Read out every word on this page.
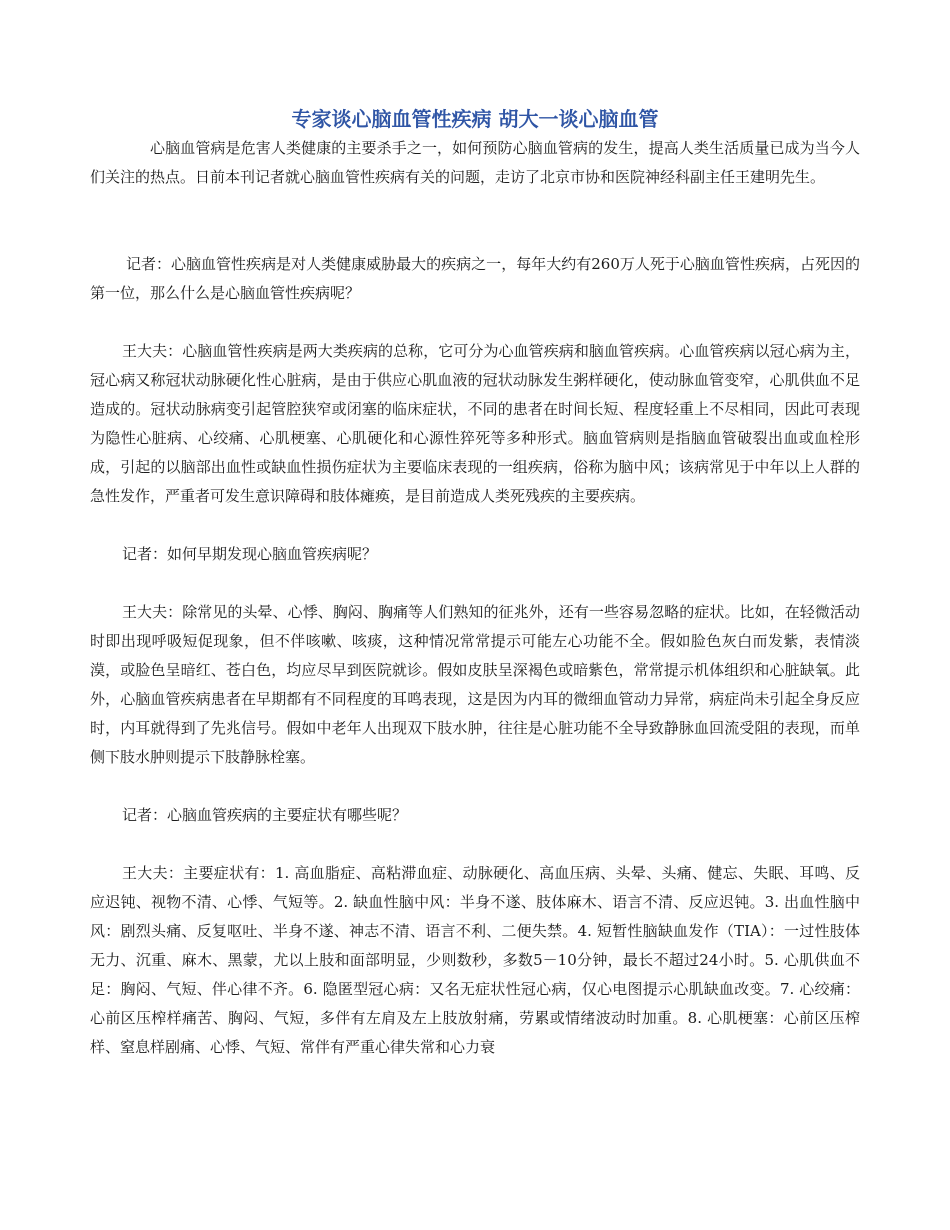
专家谈心脑血管性疾病 胡大一谈心脑血管

心脑血管病是危害人类健康的主要杀手之一，如何预防心脑血管病的发生，提高人类生活质量已成为当今人们关注的热点。日前本刊记者就心脑血管性疾病有关的问题，走访了北京市协和医院神经科副主任王建明先生。

记者：心脑血管性疾病是对人类健康威胁最大的疾病之一，每年大约有260万人死于心脑血管性疾病，占死因的第一位，那么什么是心脑血管性疾病呢？

王大夫：心脑血管性疾病是两大类疾病的总称，它可分为心血管疾病和脑血管疾病。心血管疾病以冠心病为主，冠心病又称冠状动脉硬化性心脏病，是由于供应心肌血液的冠状动脉发生粥样硬化，使动脉血管变窄，心肌供血不足造成的。冠状动脉病变引起管腔狭窄或闭塞的临床症状，不同的患者在时间长短、程度轻重上不尽相同，因此可表现为隐性心脏病、心绞痛、心肌梗塞、心肌硬化和心源性猝死等多种形式。脑血管病则是指脑血管破裂出血或血栓形成，引起的以脑部出血性或缺血性损伤症状为主要临床表现的一组疾病，俗称为脑中风；该病常见于中年以上人群的急性发作，严重者可发生意识障碍和肢体瘫痪，是目前造成人类死残疾的主要疾病。

记者：如何早期发现心脑血管疾病呢？

王大夫：除常见的头晕、心悸、胸闷、胸痛等人们熟知的征兆外，还有一些容易忽略的症状。比如，在轻微活动时即出现呼吸短促现象，但不伴咳嗽、咳痰，这种情况常常提示可能左心功能不全。假如脸色灰白而发紫，表情淡漠，或脸色呈暗红、苍白色，均应尽早到医院就诊。假如皮肤呈深褐色或暗紫色，常常提示机体组织和心脏缺氧。此外，心脑血管疾病患者在早期都有不同程度的耳鸣表现，这是因为内耳的微细血管动力异常，病症尚未引起全身反应时，内耳就得到了先兆信号。假如中老年人出现双下肢水肿，往往是心脏功能不全导致静脉血回流受阻的表现，而单侧下肢水肿则提示下肢静脉栓塞。

记者：心脑血管疾病的主要症状有哪些呢？

王大夫：主要症状有：1. 高血脂症、高粘滞血症、动脉硬化、高血压病、头晕、头痛、健忘、失眠、耳鸣、反应迟钝、视物不清、心悸、气短等。2. 缺血性脑中风：半身不遂、肢体麻木、语言不清、反应迟钝。3. 出血性脑中风：剧烈头痛、反复呕吐、半身不遂、神志不清、语言不利、二便失禁。4. 短暂性脑缺血发作（TIA）：一过性肢体无力、沉重、麻木、黑蒙，尤以上肢和面部明显，少则数秒，多数5－10分钟，最长不超过24小时。5. 心肌供血不足：胸闷、气短、伴心律不齐。6. 隐匿型冠心病：又名无症状性冠心病，仅心电图提示心肌缺血改变。7. 心绞痛：心前区压榨样痛苦、胸闷、气短，多伴有左肩及左上肢放射痛，劳累或情绪波动时加重。8. 心肌梗塞：心前区压榨样、窒息样剧痛、心悸、气短、常伴有严重心律失常和心力衰
